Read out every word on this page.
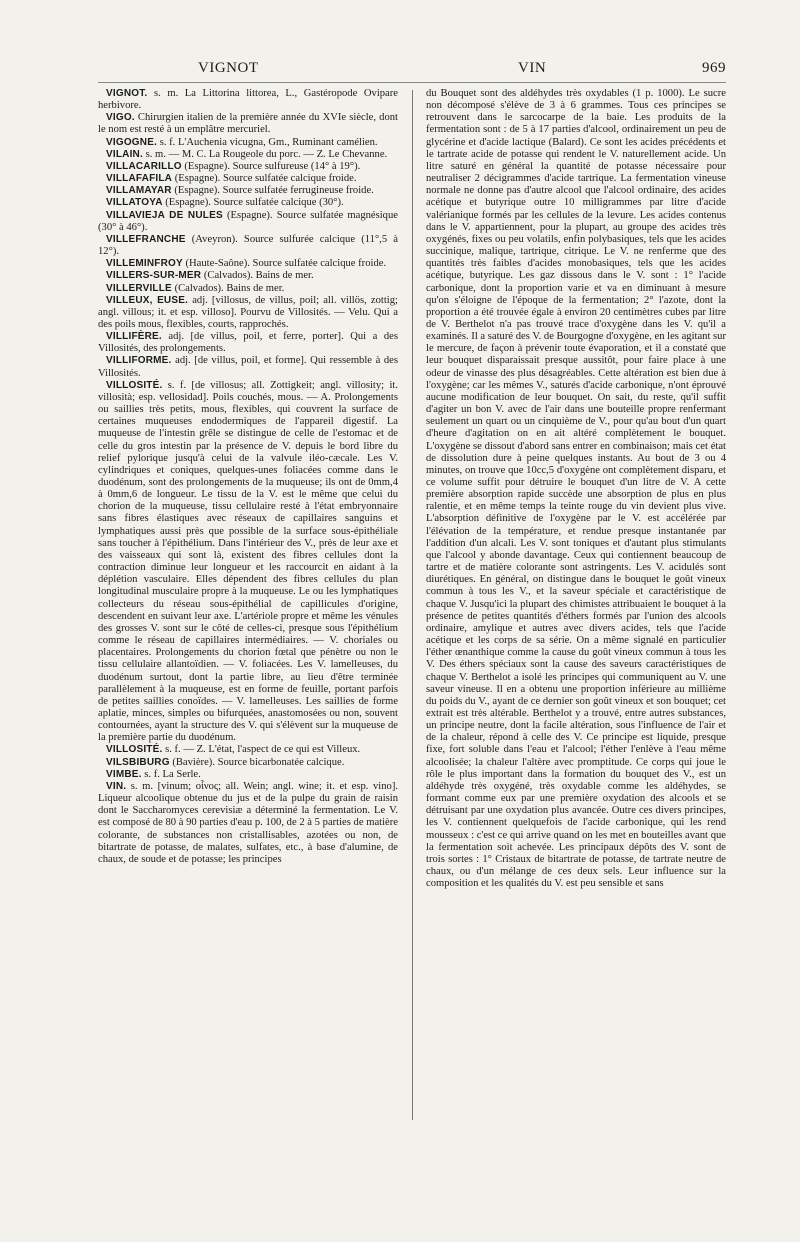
VIGNOT	VIN	969

VIGNOT. s. m. La Littorina littorea, L., Gastéropode Ovipare herbivore.

VIGO. Chirurgien italien de la première année du XVIe siècle, dont le nom est resté à un emplâtre mercuriel.

VIGOGNE. s. f. L'Auchenia vicugna, Gm., Ruminant camélien.

VILAIN. s. m. — M. C. La Rougeole du porc. — Z. Le Chevanne.

VILLACARILLO (Espagne). Source sulfureuse (14° à 19°).

VILLAFAFILA (Espagne). Source sulfatée calcique froide.

VILLAMAYAR (Espagne). Source sulfatée ferrugineuse froide.

VILLATOYA (Espagne). Source sulfatée calcique (30°).

VILLAVIEJA DE NULES (Espagne). Source sulfatée magnésique (30° à 46°).

VILLEFRANCHE (Aveyron). Source sulfurée calcique (11°,5 à 12°).

VILLEMINFROY (Haute-Saône). Source sulfatée calcique froide.

VILLERS-SUR-MER (Calvados). Bains de mer.

VILLERVILLE (Calvados). Bains de mer.

VILLEUX, EUSE. adj. [villosus, de villus, poil; all. villös, zottig; angl. villous; it. et esp. villoso]. Pourvu de Villosités. — Velu. Qui a des poils mous, flexibles, courts, rapprochés.

VILLIFÈRE. adj. [de villus, poil, et ferre, porter]. Qui a des Villosités, des prolongements.

VILLIFORME. adj. [de villus, poil, et forme]. Qui ressemble à des Villosités.

VILLOSITÉ. s. f. [de villosus; all. Zottigkeit; angl. villosity; it. villosità; esp. vellosidad]. Poils couchés, mous. — A. Prolongements ou saillies très petits, mous, flexibles, qui couvrent la surface de certaines muqueuses endodermiques de l'appareil digestif. La muqueuse de l'intestin grêle se distingue de celle de l'estomac et de celle du gros intestin par la présence de V. depuis le bord libre du relief pylorique jusqu'à celui de la valvule iléo-cæcale. Les V. cylindriques et coniques, quelques-unes foliacées comme dans le duodénum, sont des prolongements de la muqueuse; ils ont de 0mm,4 à 0mm,6 de longueur. Le tissu de la V. est le même que celui du chorion de la muqueuse, tissu cellulaire resté à l'état embryonnaire sans fibres élastiques avec réseaux de capillaires sanguins et lymphatiques aussi près que possible de la surface sous-épithéliale sans toucher à l'épithélium. Dans l'intérieur des V., près de leur axe et des vaisseaux qui sont là, existent des fibres cellules dont la contraction diminue leur longueur et les raccourcit en aidant à la déplétion vasculaire. Elles dépendent des fibres cellules du plan longitudinal musculaire propre à la muqueuse. Le ou les lymphatiques collecteurs du réseau sous-épithélial de capillicules d'origine, descendent en suivant leur axe. L'artériole propre et même les vénules des grosses V. sont sur le côté de celles-ci, presque sous l'épithélium comme le réseau de capillaires intermédiaires. — V. choriales ou placentaires. Prolongements du chorion fœtal que pénètre ou non le tissu cellulaire allantoïdien. — V. foliacées. Les V. lamelleuses, du duodénum surtout, dont la partie libre, au lieu d'être terminée parallèlement à la muqueuse, est en forme de feuille, portant parfois de petites saillies conoïdes. — V. lamelleuses. Les saillies de forme aplatie, minces, simples ou bifurquées, anastomosées ou non, souvent contournées, ayant la structure des V. qui s'élèvent sur la muqueuse de la première partie du duodénum.

VILLOSITÉ. s. f. — Z. L'état, l'aspect de ce qui est Villeux.

VILSBIBURG (Bavière). Source bicarbonatée calcique.

VIMBE. s. f. La Serle.

VIN. s. m. [vinum; οἶνος; all. Wein; angl. wine; it. et esp. vino]. Liqueur alcoolique obtenue du jus et de la pulpe du grain de raisin dont le Saccharomyces cerevisiæ a déterminé la fermentation. Le V. est composé de 80 à 90 parties d'eau p. 100, de 2 à 5 parties de matière colorante, de substances non cristallisables, azotées ou non, de bitartrate de potasse, de malates, sulfates, etc., à base d'alumine, de chaux, de soude et de potasse; les principes

du Bouquet sont des aldéhydes très oxydables (1 p. 1000). Le sucre non décomposé s'élève de 3 à 6 grammes. Tous ces principes se retrouvent dans le sarcocarpe de la baie. Les produits de la fermentation sont : de 5 à 17 parties d'alcool, ordinairement un peu de glycérine et d'acide lactique (Balard). Ce sont les acides précédents et le tartrate acide de potasse qui rendent le V. naturellement acide. Un litre saturé en général la quantité de potasse nécessaire pour neutraliser 2 décigrammes d'acide tartrique. La fermentation vineuse normale ne donne pas d'autre alcool que l'alcool ordinaire, des acides acétique et butyrique outre 10 milligrammes par litre d'acide valérianique formés par les cellules de la levure. Les acides contenus dans le V. appartiennent, pour la plupart, au groupe des acides très oxygénés, fixes ou peu volatils, enfin polybasiques, tels que les acides succinique, malique, tartrique, citrique. Le V. ne renferme que des quantités très faibles d'acides monobasiques, tels que les acides acétique, butyrique. Les gaz dissous dans le V. sont : 1° l'acide carbonique, dont la proportion varie et va en diminuant à mesure qu'on s'éloigne de l'époque de la fermentation; 2° l'azote, dont la proportion a été trouvée égale à environ 20 centimètres cubes par litre de V. Berthelot n'a pas trouvé trace d'oxygène dans les V. qu'il a examinés. Il a saturé des V. de Bourgogne d'oxygène, en les agitant sur le mercure, de façon à prévenir toute évaporation, et il a constaté que leur bouquet disparaissait presque aussitôt, pour faire place à une odeur de vinasse des plus désagréables. Cette altération est bien due à l'oxygène; car les mêmes V., saturés d'acide carbonique, n'ont éprouvé aucune modification de leur bouquet. On sait, du reste, qu'il suffit d'agiter un bon V. avec de l'air dans une bouteille propre renfermant seulement un quart ou un cinquième de V., pour qu'au bout d'un quart d'heure d'agitation on en ait altéré complètement le bouquet. L'oxygène se dissout d'abord sans entrer en combinaison; mais cet état de dissolution dure à peine quelques instants. Au bout de 3 ou 4 minutes, on trouve que 10cc,5 d'oxygène ont complètement disparu, et ce volume suffit pour détruire le bouquet d'un litre de V. A cette première absorption rapide succède une absorption de plus en plus ralentie, et en même temps la teinte rouge du vin devient plus vive. L'absorption définitive de l'oxygène par le V. est accélérée par l'élévation de la température, et rendue presque instantanée par l'addition d'un alcali. Les V. sont toniques et d'autant plus stimulants que l'alcool y abonde davantage. Ceux qui contiennent beaucoup de tartre et de matière colorante sont astringents. Les V. acidulés sont diurétiques. En général, on distingue dans le bouquet le goût vineux commun à tous les V., et la saveur spéciale et caractéristique de chaque V. Jusqu'ici la plupart des chimistes attribuaient le bouquet à la présence de petites quantités d'éthers formés par l'union des alcools ordinaire, amylique et autres avec divers acides, tels que l'acide acétique et les corps de sa série. On a même signalé en particulier l'éther œnanthique comme la cause du goût vineux commun à tous les V. Des éthers spéciaux sont la cause des saveurs caractéristiques de chaque V. Berthelot a isolé les principes qui communiquent au V. une saveur vineuse. Il en a obtenu une proportion inférieure au millième du poids du V., ayant de ce dernier son goût vineux et son bouquet; cet extrait est très altérable. Berthelot y a trouvé, entre autres substances, un principe neutre, dont la facile altération, sous l'influence de l'air et de la chaleur, répond à celle des V. Ce principe est liquide, presque fixe, fort soluble dans l'eau et l'alcool; l'éther l'enlève à l'eau même alcoolisée; la chaleur l'altère avec promptitude. Ce corps qui joue le rôle le plus important dans la formation du bouquet des V., est un aldéhyde très oxygéné, très oxydable comme les aldéhydes, se formant comme eux par une première oxydation des alcools et se détruisant par une oxydation plus avancée. Outre ces divers principes, les V. contiennent quelquefois de l'acide carbonique, qui les rend mousseux : c'est ce qui arrive quand on les met en bouteilles avant que la fermentation soit achevée. Les principaux dépôts des V. sont de trois sortes : 1° Cristaux de bitartrate de potasse, de tartrate neutre de chaux, ou d'un mélange de ces deux sels. Leur influence sur la composition et les qualités du V. est peu sensible et sans
